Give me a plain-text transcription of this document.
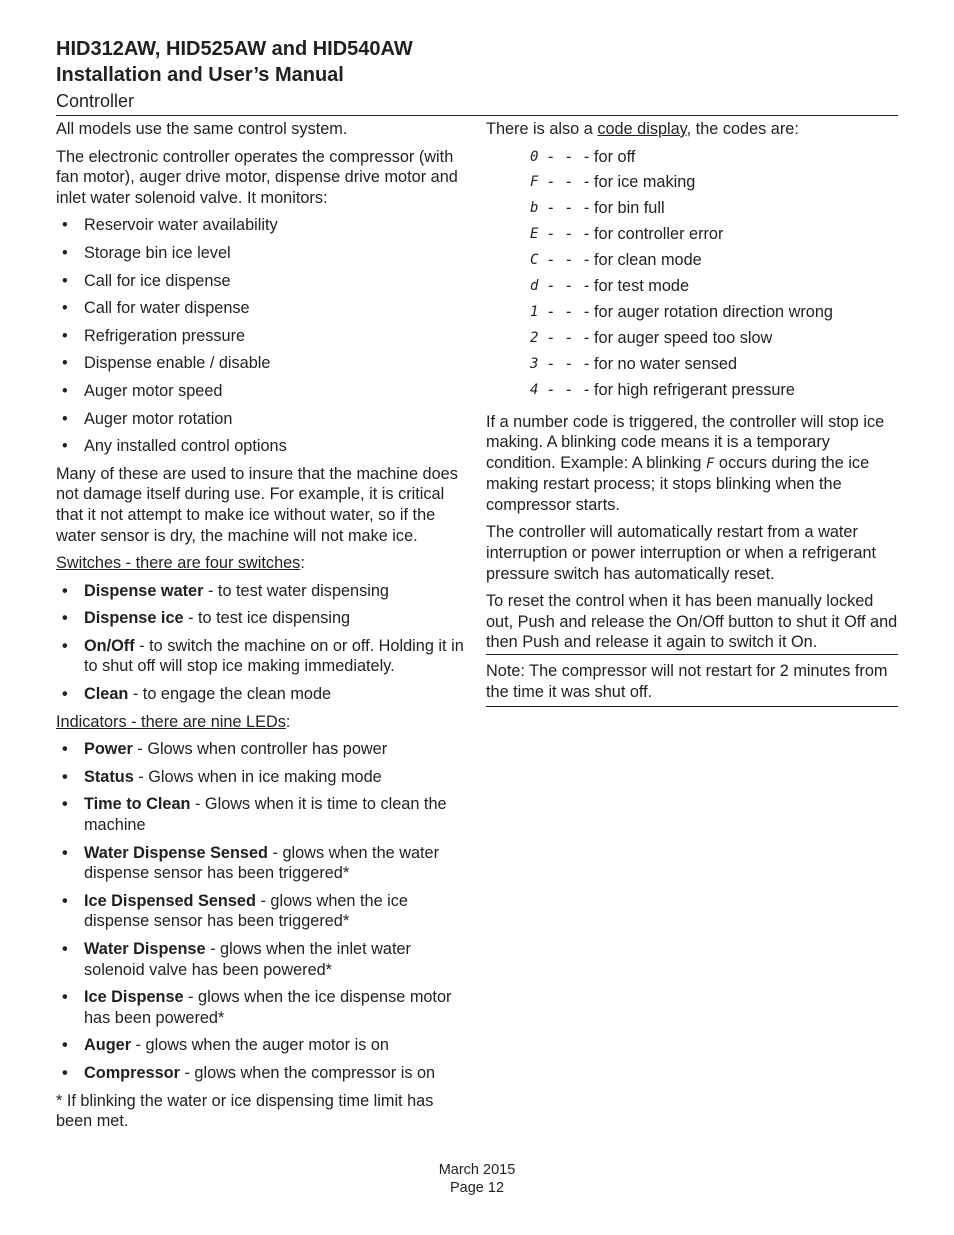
HID312AW, HID525AW and HID540AW
Installation and User’s Manual
Controller

All models use the same control system.

The electronic controller operates the compressor (with fan motor), auger drive motor, dispense drive motor and inlet water solenoid valve. It monitors:

• Reservoir water availability
• Storage bin ice level
• Call for ice dispense
• Call for water dispense
• Refrigeration pressure
• Dispense enable / disable
• Auger motor speed
• Auger motor rotation
• Any installed control options

Many of these are used to insure that the machine does not damage itself during use. For example, it is critical that it not attempt to make ice without water, so if the water sensor is dry, the machine will not make ice.

Switches - there are four switches:

• Dispense water - to test water dispensing
• Dispense ice - to test ice dispensing
• On/Off - to switch the machine on or off. Holding it in to shut off will stop ice making immediately.
• Clean - to engage the clean mode

Indicators - there are nine LEDs:

• Power - Glows when controller has power
• Status - Glows when in ice making mode
• Time to Clean - Glows when it is time to clean the machine
• Water Dispense Sensed - glows when the water dispense sensor has been triggered*
• Ice Dispensed Sensed - glows when the ice dispense sensor has been triggered*
• Water Dispense - glows when the inlet water solenoid valve has been powered*
• Ice Dispense - glows when the ice dispense motor has been powered*
• Auger - glows when the auger motor is on
• Compressor - glows when the compressor is on

* If blinking the water or ice dispensing time limit has been met.

There is also a code display, the codes are:

0 - - - for off
F - - - for ice making
b - - - for bin full
E - - - for controller error
C - - - for clean mode
d - - - for test mode
1 - - - for auger rotation direction wrong
2 - - - for auger speed too slow
3 - - - for no water sensed
4 - - - for high refrigerant pressure

If a number code is triggered, the controller will stop ice making. A blinking code means it is a temporary condition. Example: A blinking F occurs during the ice making restart process; it stops blinking when the compressor starts.

The controller will automatically restart from a water interruption or power interruption or when a refrigerant pressure switch has automatically reset.

To reset the control when it has been manually locked out, Push and release the On/Off button to shut it Off and then Push and release it again to switch it On.

Note: The compressor will not restart for 2 minutes from the time it was shut off.
March 2015
Page 12
